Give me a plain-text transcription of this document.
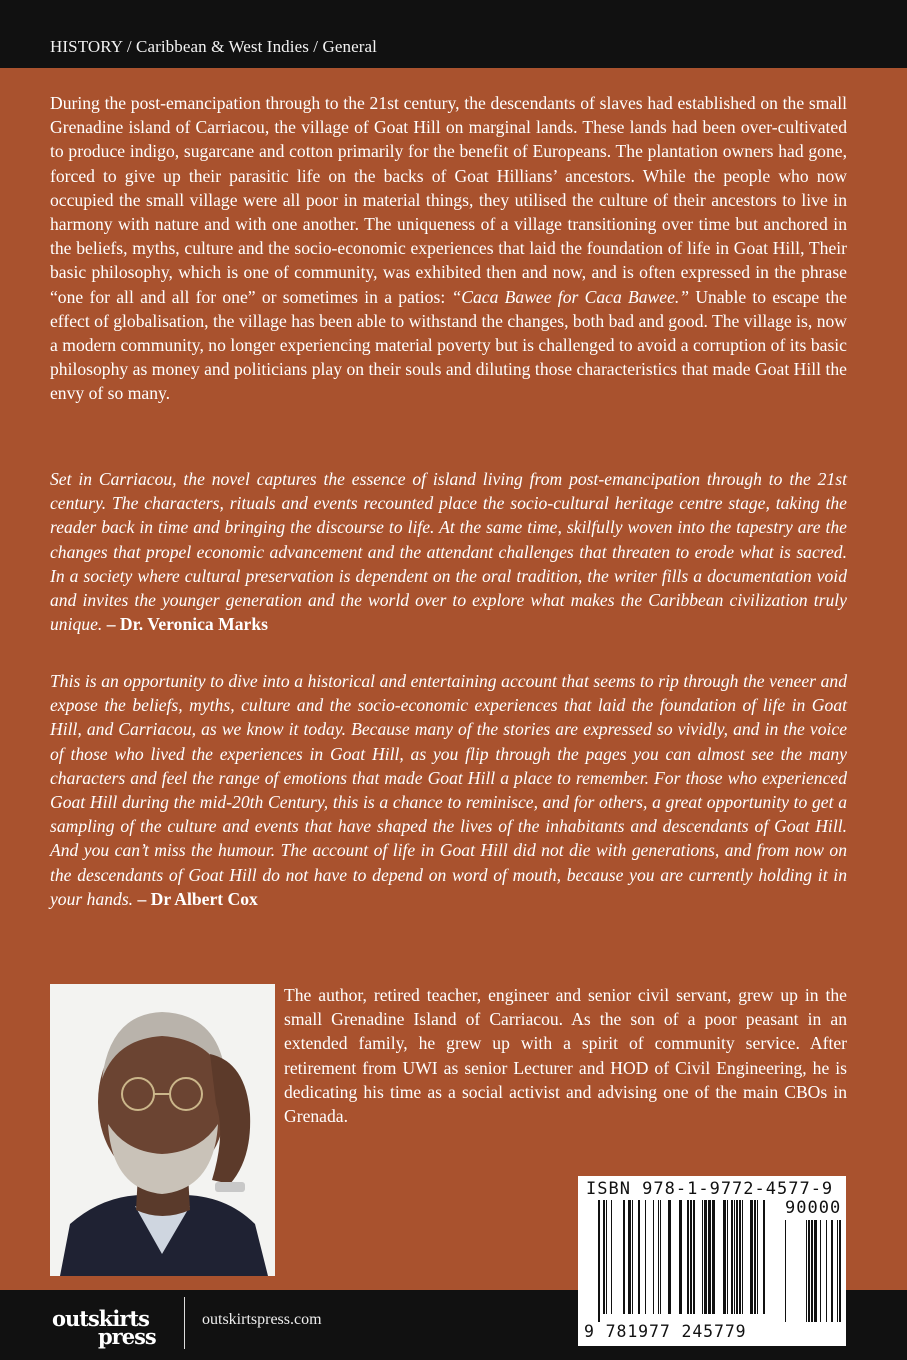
HISTORY / Caribbean & West Indies / General

During the post-emancipation through to the 21st century, the descendants of slaves had established on the small Grenadine island of Carriacou, the village of Goat Hill on marginal lands. These lands had been over-cultivated to produce indigo, sugarcane and cotton primarily for the benefit of Europeans. The plantation owners had gone, forced to give up their parasitic life on the backs of Goat Hillians’ ancestors. While the people who now occupied the small village were all poor in material things, they utilised the culture of their ancestors to live in harmony with nature and with one another. The uniqueness of a village transitioning over time but anchored in the beliefs, myths, culture and the socio-economic experiences that laid the foundation of life in Goat Hill, Their basic philosophy, which is one of community, was exhibited then and now, and is often expressed in the phrase “one for all and all for one” or sometimes in a patios: “Caca Bawee for Caca Bawee.” Unable to escape the effect of globalisation, the village has been able to withstand the changes, both bad and good. The village is, now a modern community, no longer experiencing material poverty but is challenged to avoid a corruption of its basic philosophy as money and politicians play on their souls and diluting those characteristics that made Goat Hill the envy of so many.

Set in Carriacou, the novel captures the essence of island living from post-emancipation through to the 21st century. The characters, rituals and events recounted place the socio-cultural heritage centre stage, taking the reader back in time and bringing the discourse to life. At the same time, skilfully woven into the tapestry are the changes that propel economic advancement and the attendant challenges that threaten to erode what is sacred. In a society where cultural preservation is dependent on the oral tradition, the writer fills a documentation void and invites the younger generation and the world over to explore what makes the Caribbean civilization truly unique. – Dr. Veronica Marks

This is an opportunity to dive into a historical and entertaining account that seems to rip through the veneer and expose the beliefs, myths, culture and the socio-economic experiences that laid the foundation of life in Goat Hill, and Carriacou, as we know it today. Because many of the stories are expressed so vividly, and in the voice of those who lived the experiences in Goat Hill, as you flip through the pages you can almost see the many characters and feel the range of emotions that made Goat Hill a place to remember. For those who experienced Goat Hill during the mid-20th Century, this is a chance to reminisce, and for others, a great opportunity to get a sampling of the culture and events that have shaped the lives of the inhabitants and descendants of Goat Hill. And you can’t miss the humour. The account of life in Goat Hill did not die with generations, and from now on the descendants of Goat Hill do not have to depend on word of mouth, because you are currently holding it in your hands. – Dr Albert Cox

The author, retired teacher, engineer and senior civil servant, grew up in the small Grenadine Island of Carriacou. As the son of a poor peasant in an extended family, he grew up with a spirit of community service. After retirement from UWI as senior Lecturer and HOD of Civil Engineering, he is dedicating his time as a social activist and advising one of the main CBOs in Grenada.

outskirts
press
outskirtspress.com
ISBN 978-1-9772-4577-9
90000
9 781977 245779
